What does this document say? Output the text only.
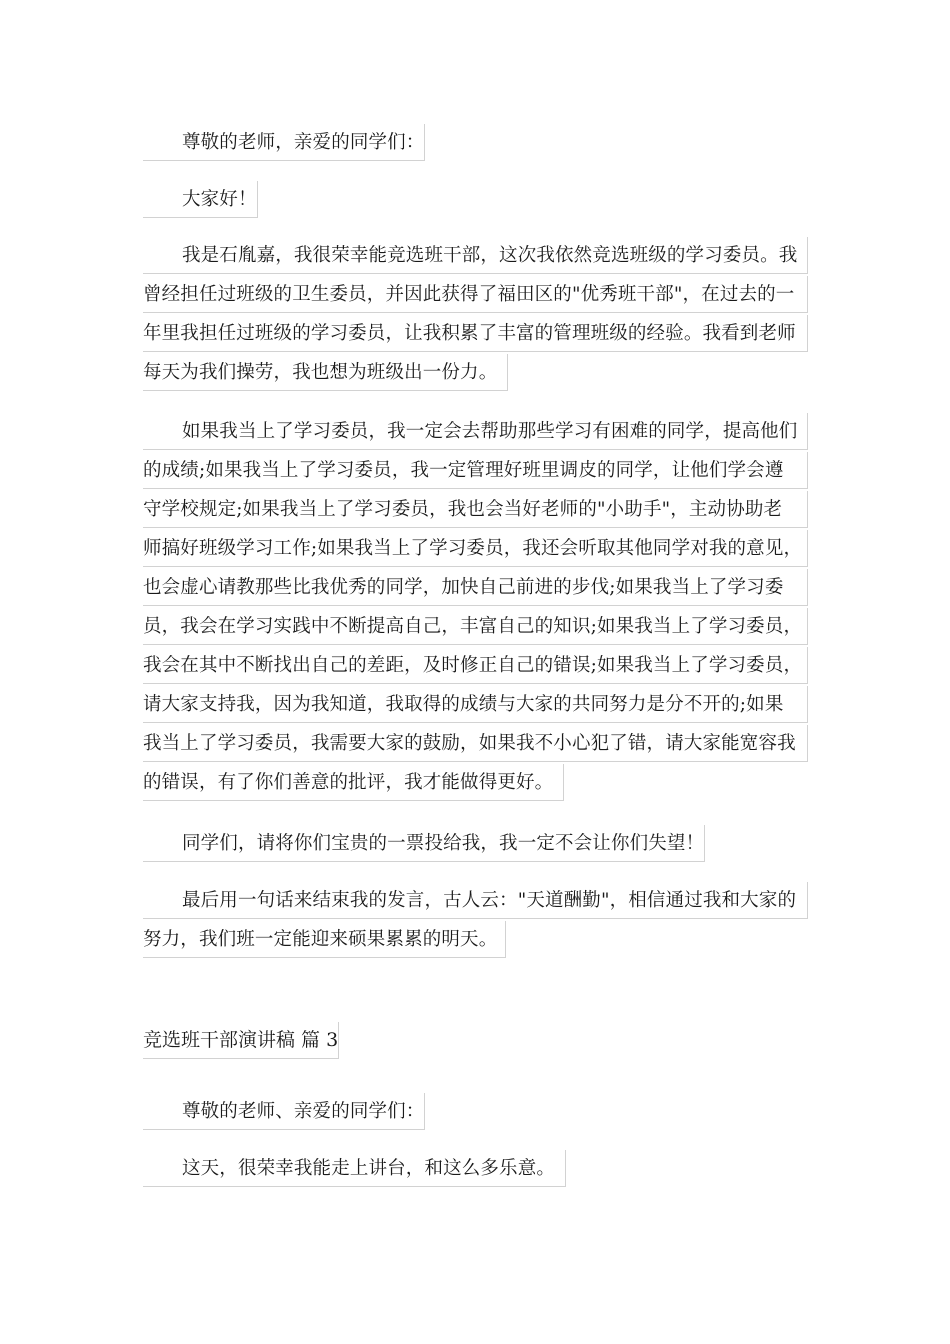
尊敬的老师，亲爱的同学们：
大家好！
我是石胤嘉，我很荣幸能竞选班干部，这次我依然竞选班级的学习委员。我
曾经担任过班级的卫生委员，并因此获得了福田区的"优秀班干部"，在过去的一
年里我担任过班级的学习委员，让我积累了丰富的管理班级的经验。我看到老师
每天为我们操劳，我也想为班级出一份力。
如果我当上了学习委员，我一定会去帮助那些学习有困难的同学，提高他们
的成绩;如果我当上了学习委员，我一定管理好班里调皮的同学，让他们学会遵
守学校规定;如果我当上了学习委员，我也会当好老师的"小助手"，主动协助老
师搞好班级学习工作;如果我当上了学习委员，我还会听取其他同学对我的意见，
也会虚心请教那些比我优秀的同学，加快自己前进的步伐;如果我当上了学习委
员，我会在学习实践中不断提高自己，丰富自己的知识;如果我当上了学习委员，
我会在其中不断找出自己的差距，及时修正自己的错误;如果我当上了学习委员，
请大家支持我，因为我知道，我取得的成绩与大家的共同努力是分不开的;如果
我当上了学习委员，我需要大家的鼓励，如果我不小心犯了错，请大家能宽容我
的错误，有了你们善意的批评，我才能做得更好。
同学们，请将你们宝贵的一票投给我，我一定不会让你们失望！
最后用一句话来结束我的发言，古人云："天道酬勤"，相信通过我和大家的
努力，我们班一定能迎来硕果累累的明天。
竞选班干部演讲稿 篇 3
尊敬的老师、亲爱的同学们：
这天，很荣幸我能走上讲台，和这么多乐意。
